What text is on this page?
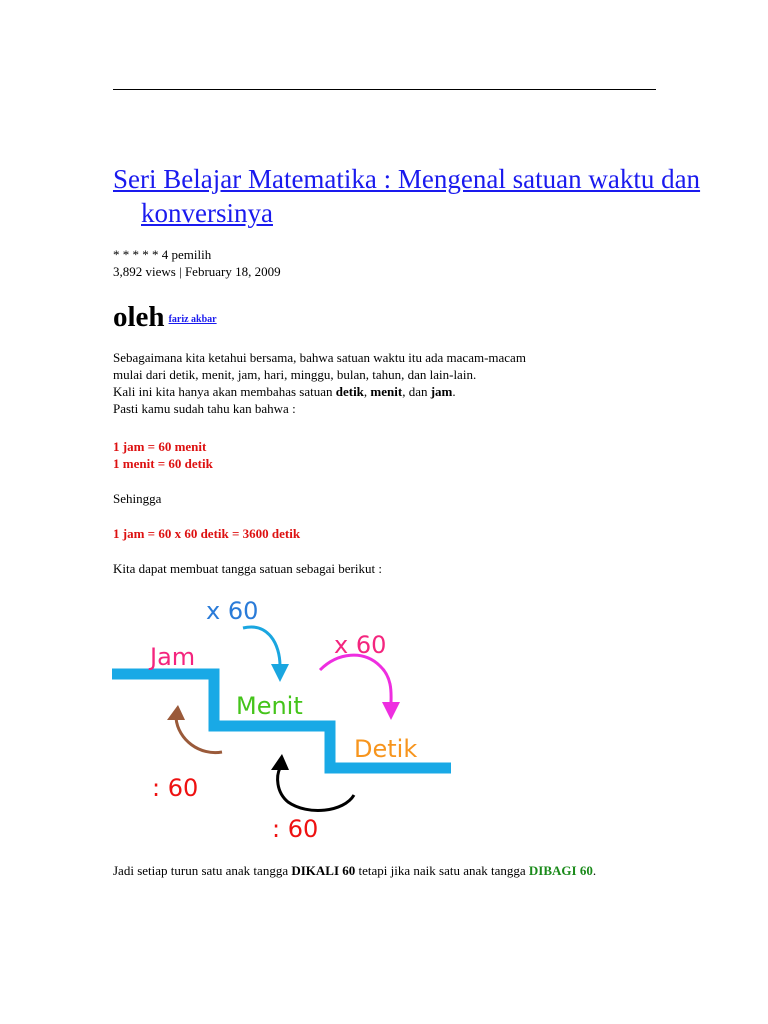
Seri Belajar Matematika : Mengenal satuan waktu dan konversinya

* * * * * 4 pemilih
3,892 views | February 18, 2009

oleh $^{fariz akbar}$

Sebagaimana kita ketahui bersama, bahwa satuan waktu itu ada macam-macam
mulai dari detik, menit, jam, hari, minggu, bulan, tahun, dan lain-lain.
Kali ini kita hanya akan membahas satuan detik, menit, dan jam.
Pasti kamu sudah tahu kan bahwa :

1 jam = 60 menit
1 menit = 60 detik

Sehingga

1 jam = 60 x 60 detik = 3600 detik

Kita dapat membuat tangga satuan sebagai berikut :

Jam
Menit
Detik
x 60
x 60
: 60
: 60

Jadi setiap turun satu anak tangga DIKALI 60 tetapi jika naik satu anak tangga DIBAGI 60.
